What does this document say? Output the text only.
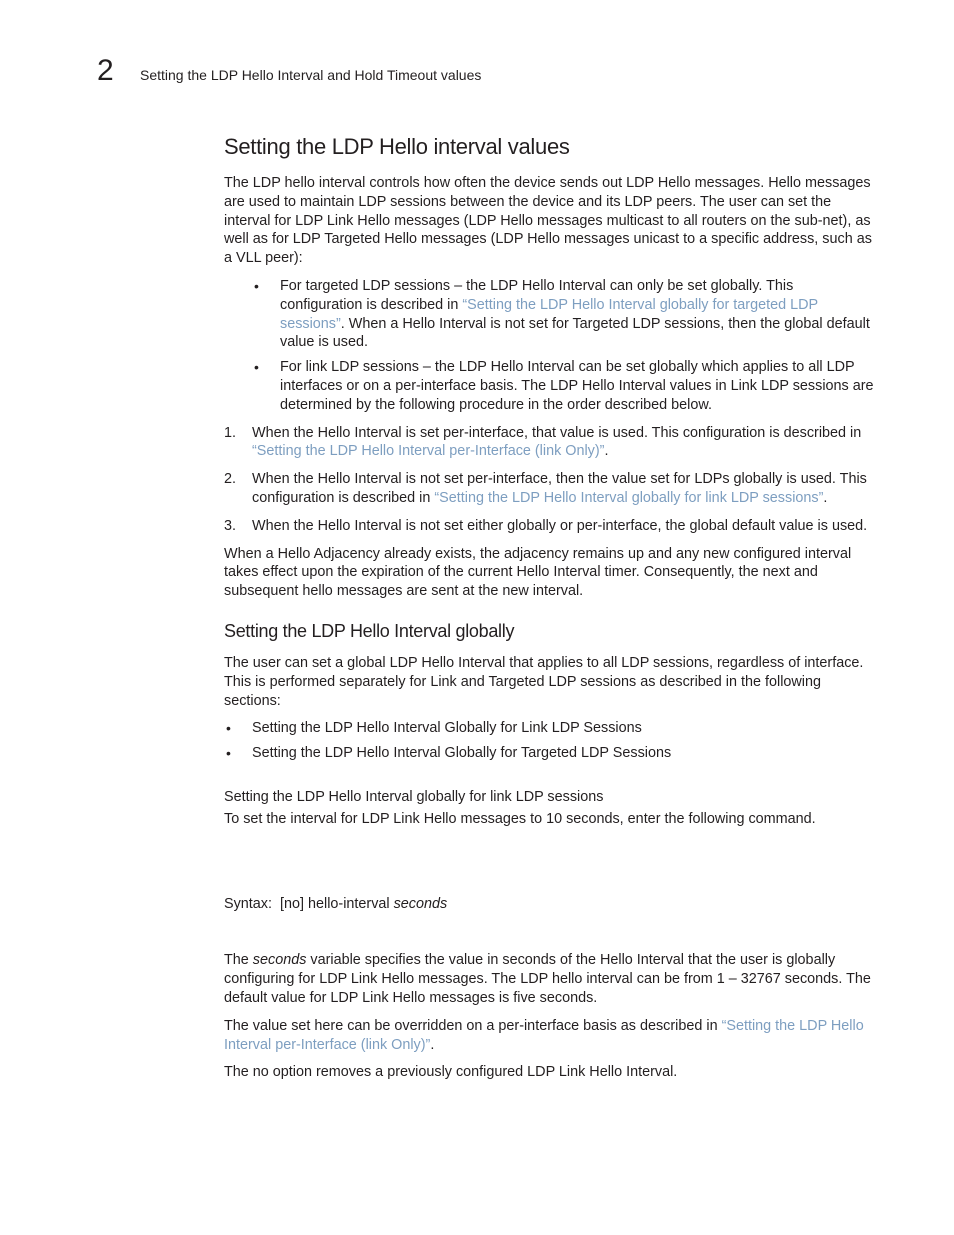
2 Setting the LDP Hello Interval and Hold Timeout values
Setting the LDP Hello interval values

The LDP hello interval controls how often the device sends out LDP Hello messages. Hello messages are used to maintain LDP sessions between the device and its LDP peers. The user can set the interval for LDP Link Hello messages (LDP Hello messages multicast to all routers on the sub-net), as well as for LDP Targeted Hello messages (LDP Hello messages unicast to a specific address, such as a VLL peer):

• For targeted LDP sessions – the LDP Hello Interval can only be set globally. This configuration is described in “Setting the LDP Hello Interval globally for targeted LDP sessions”. When a Hello Interval is not set for Targeted LDP sessions, then the global default value is used.
• For link LDP sessions – the LDP Hello Interval can be set globally which applies to all LDP interfaces or on a per-interface basis. The LDP Hello Interval values in Link LDP sessions are determined by the following procedure in the order described below.
1. When the Hello Interval is set per-interface, that value is used. This configuration is described in “Setting the LDP Hello Interval per-Interface (link Only)”.
2. When the Hello Interval is not set per-interface, then the value set for LDPs globally is used. This configuration is described in “Setting the LDP Hello Interval globally for link LDP sessions”.
3. When the Hello Interval is not set either globally or per-interface, the global default value is used.

When a Hello Adjacency already exists, the adjacency remains up and any new configured interval takes effect upon the expiration of the current Hello Interval timer. Consequently, the next and subsequent hello messages are sent at the new interval.

Setting the LDP Hello Interval globally

The user can set a global LDP Hello Interval that applies to all LDP sessions, regardless of interface. This is performed separately for Link and Targeted LDP sessions as described in the following sections:

• Setting the LDP Hello Interval Globally for Link LDP Sessions
• Setting the LDP Hello Interval Globally for Targeted LDP Sessions

Setting the LDP Hello Interval globally for link LDP sessions

To set the interval for LDP Link Hello messages to 10 seconds, enter the following command.

Syntax: [no] hello-interval seconds

The seconds variable specifies the value in seconds of the Hello Interval that the user is globally configuring for LDP Link Hello messages. The LDP hello interval can be from 1 – 32767 seconds. The default value for LDP Link Hello messages is five seconds.

The value set here can be overridden on a per-interface basis as described in “Setting the LDP Hello Interval per-Interface (link Only)”.

The no option removes a previously configured LDP Link Hello Interval.
